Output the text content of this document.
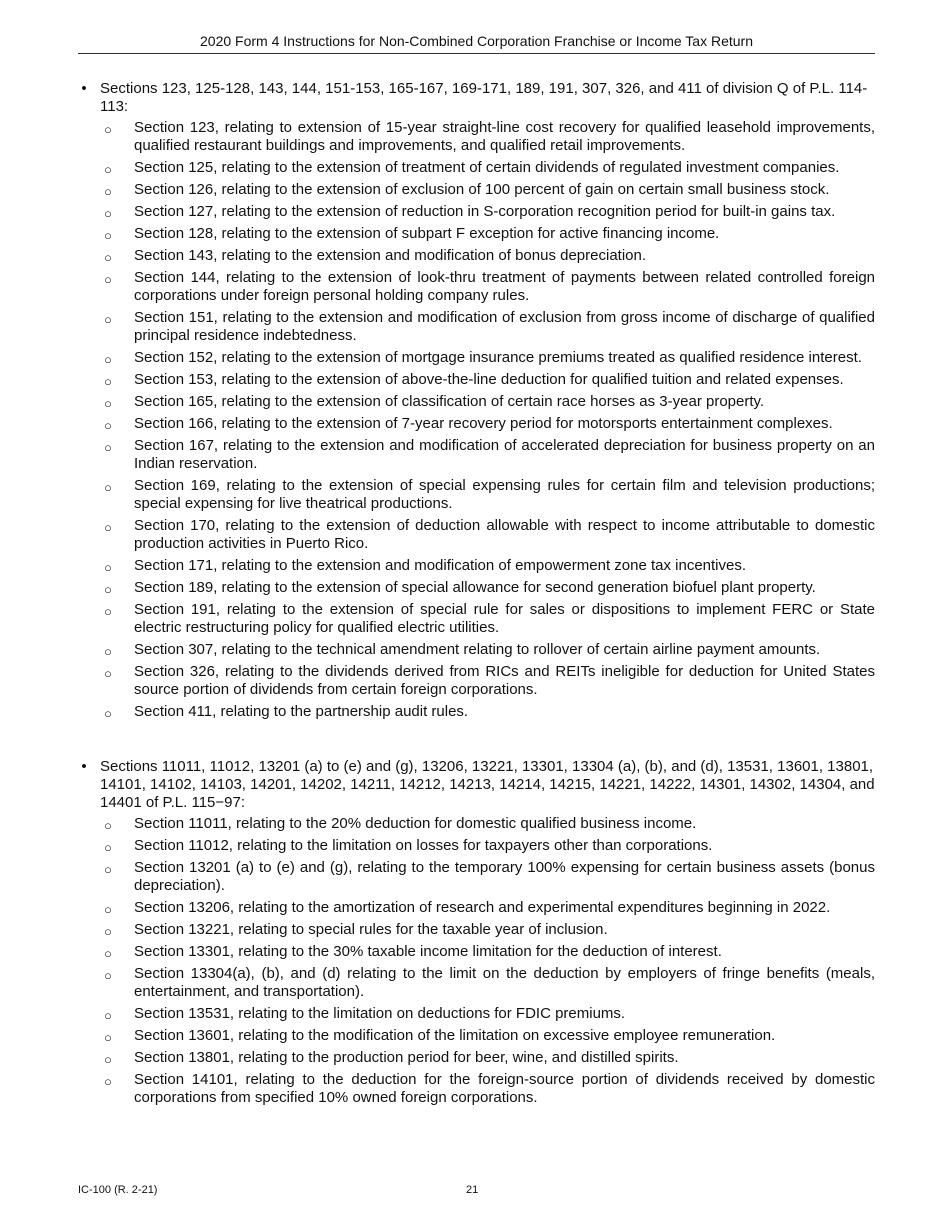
2020 Form 4 Instructions for Non-Combined Corporation Franchise or Income Tax Return
• Sections 123, 125-128, 143, 144, 151-153, 165-167, 169-171, 189, 191, 307, 326, and 411 of division Q of P.L. 114-113:
○ Section 123, relating to extension of 15-year straight-line cost recovery for qualified leasehold improvements, qualified restaurant buildings and improvements, and qualified retail improvements.
○ Section 125, relating to the extension of treatment of certain dividends of regulated investment companies.
○ Section 126, relating to the extension of exclusion of 100 percent of gain on certain small business stock.
○ Section 127, relating to the extension of reduction in S-corporation recognition period for built-in gains tax.
○ Section 128, relating to the extension of subpart F exception for active financing income.
○ Section 143, relating to the extension and modification of bonus depreciation.
○ Section 144, relating to the extension of look-thru treatment of payments between related controlled foreign corporations under foreign personal holding company rules.
○ Section 151, relating to the extension and modification of exclusion from gross income of discharge of qualified principal residence indebtedness.
○ Section 152, relating to the extension of mortgage insurance premiums treated as qualified residence interest.
○ Section 153, relating to the extension of above-the-line deduction for qualified tuition and related expenses.
○ Section 165, relating to the extension of classification of certain race horses as 3-year property.
○ Section 166, relating to the extension of 7-year recovery period for motorsports entertainment complexes.
○ Section 167, relating to the extension and modification of accelerated depreciation for business property on an Indian reservation.
○ Section 169, relating to the extension of special expensing rules for certain film and television productions; special expensing for live theatrical productions.
○ Section 170, relating to the extension of deduction allowable with respect to income attributable to domestic production activities in Puerto Rico.
○ Section 171, relating to the extension and modification of empowerment zone tax incentives.
○ Section 189, relating to the extension of special allowance for second generation biofuel plant property.
○ Section 191, relating to the extension of special rule for sales or dispositions to implement FERC or State electric restructuring policy for qualified electric utilities.
○ Section 307, relating to the technical amendment relating to rollover of certain airline payment amounts.
○ Section 326, relating to the dividends derived from RICs and REITs ineligible for deduction for United States source portion of dividends from certain foreign corporations.
○ Section 411, relating to the partnership audit rules.
• Sections 11011, 11012, 13201 (a) to (e) and (g), 13206, 13221, 13301, 13304 (a), (b), and (d), 13531, 13601, 13801, 14101, 14102, 14103, 14201, 14202, 14211, 14212, 14213, 14214, 14215, 14221, 14222, 14301, 14302, 14304, and 14401 of P.L. 115−97:
○ Section 11011, relating to the 20% deduction for domestic qualified business income.
○ Section 11012, relating to the limitation on losses for taxpayers other than corporations.
○ Section 13201 (a) to (e) and (g), relating to the temporary 100% expensing for certain business assets (bonus depreciation).
○ Section 13206, relating to the amortization of research and experimental expenditures beginning in 2022.
○ Section 13221, relating to special rules for the taxable year of inclusion.
○ Section 13301, relating to the 30% taxable income limitation for the deduction of interest.
○ Section 13304(a), (b), and (d) relating to the limit on the deduction by employers of fringe benefits (meals, entertainment, and transportation).
○ Section 13531, relating to the limitation on deductions for FDIC premiums.
○ Section 13601, relating to the modification of the limitation on excessive employee remuneration.
○ Section 13801, relating to the production period for beer, wine, and distilled spirits.
○ Section 14101, relating to the deduction for the foreign-source portion of dividends received by domestic corporations from specified 10% owned foreign corporations.
IC-100 (R. 2-21)	21
